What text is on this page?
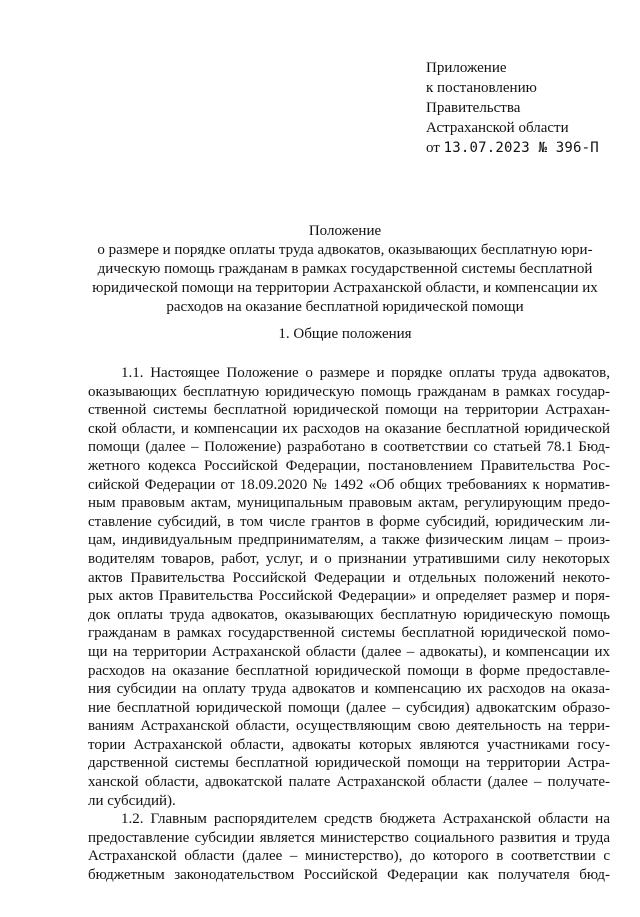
Приложение
к постановлению
Правительства
Астраханской области
от 13.07.2023 № 396-П
Положение
о размере и порядке оплаты труда адвокатов, оказывающих бесплатную юри-
дическую помощь гражданам в рамках государственной системы бесплатной
юридической помощи на территории Астраханской области, и компенсации их
расходов на оказание бесплатной юридической помощи
1. Общие положения
1.1. Настоящее Положение о размере и порядке оплаты труда адвокатов,
оказывающих бесплатную юридическую помощь гражданам в рамках государ-
ственной системы бесплатной юридической помощи на территории Астрахан-
ской области, и компенсации их расходов на оказание бесплатной юридической
помощи (далее – Положение) разработано в соответствии со статьей 78.1 Бюд-
жетного кодекса Российской Федерации, постановлением Правительства Рос-
сийской Федерации от 18.09.2020 № 1492 «Об общих требованиях к норматив-
ным правовым актам, муниципальным правовым актам, регулирующим предо-
ставление субсидий, в том числе грантов в форме субсидий, юридическим ли-
цам, индивидуальным предпринимателям, а также физическим лицам – произ-
водителям товаров, работ, услуг, и о признании утратившими силу некоторых
актов Правительства Российской Федерации и отдельных положений некото-
рых актов Правительства Российской Федерации» и определяет размер и поря-
док оплаты труда адвокатов, оказывающих бесплатную юридическую помощь
гражданам в рамках государственной системы бесплатной юридической помо-
щи на территории Астраханской области (далее – адвокаты), и компенсации их
расходов на оказание бесплатной юридической помощи в форме предоставле-
ния субсидии на оплату труда адвокатов и компенсацию их расходов на оказа-
ние бесплатной юридической помощи (далее – субсидия) адвокатским образо-
ваниям Астраханской области, осуществляющим свою деятельность на терри-
тории Астраханской области, адвокаты которых являются участниками госу-
дарственной системы бесплатной юридической помощи на территории Астра-
ханской области, адвокатской палате Астраханской области (далее – получате-
ли субсидий).
1.2. Главным распорядителем средств бюджета Астраханской области на
предоставление субсидии является министерство социального развития и труда
Астраханской области (далее – министерство), до которого в соответствии с
бюджетным законодательством Российской Федерации как получателя бюд-
